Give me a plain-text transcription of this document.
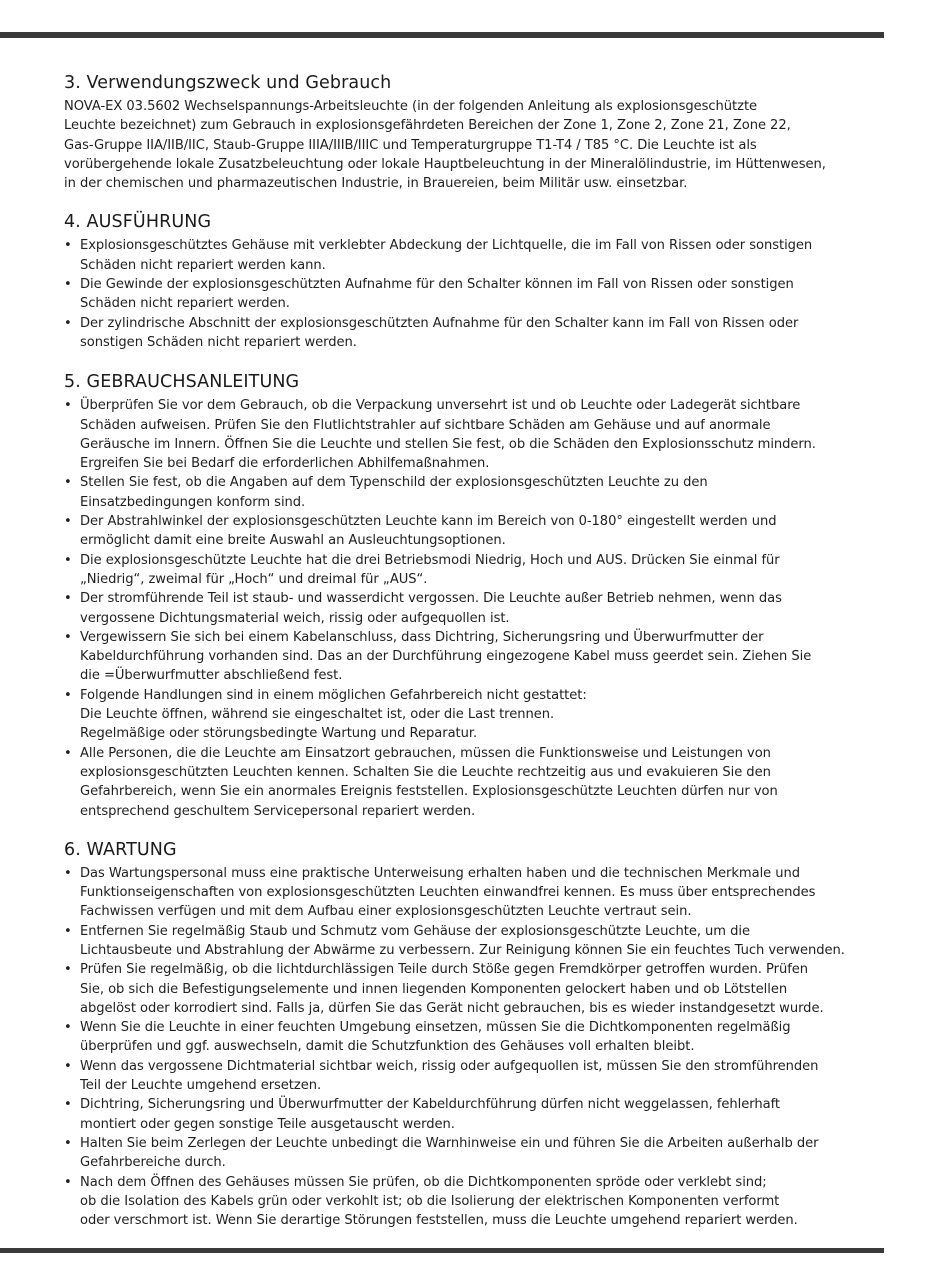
3. Verwendungszweck und Gebrauch

NOVA-EX 03.5602 Wechselspannungs-Arbeitsleuchte (in der folgenden Anleitung als explosionsgeschützte
Leuchte bezeichnet) zum Gebrauch in explosionsgefährdeten Bereichen der Zone 1, Zone 2, Zone 21, Zone 22,
Gas-Gruppe IIA/IIB/IIC, Staub-Gruppe IIIA/IIIB/IIIC und Temperaturgruppe T1-T4 / T85 °C. Die Leuchte ist als
vorübergehende lokale Zusatzbeleuchtung oder lokale Hauptbeleuchtung in der Mineralölindustrie, im Hüttenwesen,
in der chemischen und pharmazeutischen Industrie, in Brauereien, beim Militär usw. einsetzbar.

4. AUSFÜHRUNG
• Explosionsgeschütztes Gehäuse mit verklebter Abdeckung der Lichtquelle, die im Fall von Rissen oder sonstigen
Schäden nicht repariert werden kann.
• Die Gewinde der explosionsgeschützten Aufnahme für den Schalter können im Fall von Rissen oder sonstigen
Schäden nicht repariert werden.
• Der zylindrische Abschnitt der explosionsgeschützten Aufnahme für den Schalter kann im Fall von Rissen oder
sonstigen Schäden nicht repariert werden.
5. GEBRAUCHSANLEITUNG
• Überprüfen Sie vor dem Gebrauch, ob die Verpackung unversehrt ist und ob Leuchte oder Ladegerät sichtbare
Schäden aufweisen. Prüfen Sie den Flutlichtstrahler auf sichtbare Schäden am Gehäuse und auf anormale
Geräusche im Innern. Öffnen Sie die Leuchte und stellen Sie fest, ob die Schäden den Explosionsschutz mindern.
Ergreifen Sie bei Bedarf die erforderlichen Abhilfemaßnahmen.
• Stellen Sie fest, ob die Angaben auf dem Typenschild der explosionsgeschützten Leuchte zu den
Einsatzbedingungen konform sind.
• Der Abstrahlwinkel der explosionsgeschützten Leuchte kann im Bereich von 0-180° eingestellt werden und
ermöglicht damit eine breite Auswahl an Ausleuchtungsoptionen.
• Die explosionsgeschützte Leuchte hat die drei Betriebsmodi Niedrig, Hoch und AUS. Drücken Sie einmal für
„Niedrig“, zweimal für „Hoch“ und dreimal für „AUS“.
• Der stromführende Teil ist staub- und wasserdicht vergossen. Die Leuchte außer Betrieb nehmen, wenn das
vergossene Dichtungsmaterial weich, rissig oder aufgequollen ist.
• Vergewissern Sie sich bei einem Kabelanschluss, dass Dichtring, Sicherungsring und Überwurfmutter der
Kabeldurchführung vorhanden sind. Das an der Durchführung eingezogene Kabel muss geerdet sein. Ziehen Sie
die =Überwurfmutter abschließend fest.
• Folgende Handlungen sind in einem möglichen Gefahrbereich nicht gestattet:
Die Leuchte öffnen, während sie eingeschaltet ist, oder die Last trennen.
Regelmäßige oder störungsbedingte Wartung und Reparatur.
• Alle Personen, die die Leuchte am Einsatzort gebrauchen, müssen die Funktionsweise und Leistungen von
explosionsgeschützten Leuchten kennen. Schalten Sie die Leuchte rechtzeitig aus und evakuieren Sie den
Gefahrbereich, wenn Sie ein anormales Ereignis feststellen. Explosionsgeschützte Leuchten dürfen nur von
entsprechend geschultem Servicepersonal repariert werden.
6. WARTUNG
• Das Wartungspersonal muss eine praktische Unterweisung erhalten haben und die technischen Merkmale und
Funktionseigenschaften von explosionsgeschützten Leuchten einwandfrei kennen. Es muss über entsprechendes
Fachwissen verfügen und mit dem Aufbau einer explosionsgeschützten Leuchte vertraut sein.
• Entfernen Sie regelmäßig Staub und Schmutz vom Gehäuse der explosionsgeschützte Leuchte, um die
Lichtausbeute und Abstrahlung der Abwärme zu verbessern. Zur Reinigung können Sie ein feuchtes Tuch verwenden.
• Prüfen Sie regelmäßig, ob die lichtdurchlässigen Teile durch Stöße gegen Fremdkörper getroffen wurden. Prüfen
Sie, ob sich die Befestigungselemente und innen liegenden Komponenten gelockert haben und ob Lötstellen
abgelöst oder korrodiert sind. Falls ja, dürfen Sie das Gerät nicht gebrauchen, bis es wieder instandgesetzt wurde.
• Wenn Sie die Leuchte in einer feuchten Umgebung einsetzen, müssen Sie die Dichtkomponenten regelmäßig
überprüfen und ggf. auswechseln, damit die Schutzfunktion des Gehäuses voll erhalten bleibt.
• Wenn das vergossene Dichtmaterial sichtbar weich, rissig oder aufgequollen ist, müssen Sie den stromführenden
Teil der Leuchte umgehend ersetzen.
• Dichtring, Sicherungsring und Überwurfmutter der Kabeldurchführung dürfen nicht weggelassen, fehlerhaft
montiert oder gegen sonstige Teile ausgetauscht werden.
• Halten Sie beim Zerlegen der Leuchte unbedingt die Warnhinweise ein und führen Sie die Arbeiten außerhalb der
Gefahrbereiche durch.
• Nach dem Öffnen des Gehäuses müssen Sie prüfen, ob die Dichtkomponenten spröde oder verklebt sind;
ob die Isolation des Kabels grün oder verkohlt ist; ob die Isolierung der elektrischen Komponenten verformt
oder verschmort ist. Wenn Sie derartige Störungen feststellen, muss die Leuchte umgehend repariert werden.
